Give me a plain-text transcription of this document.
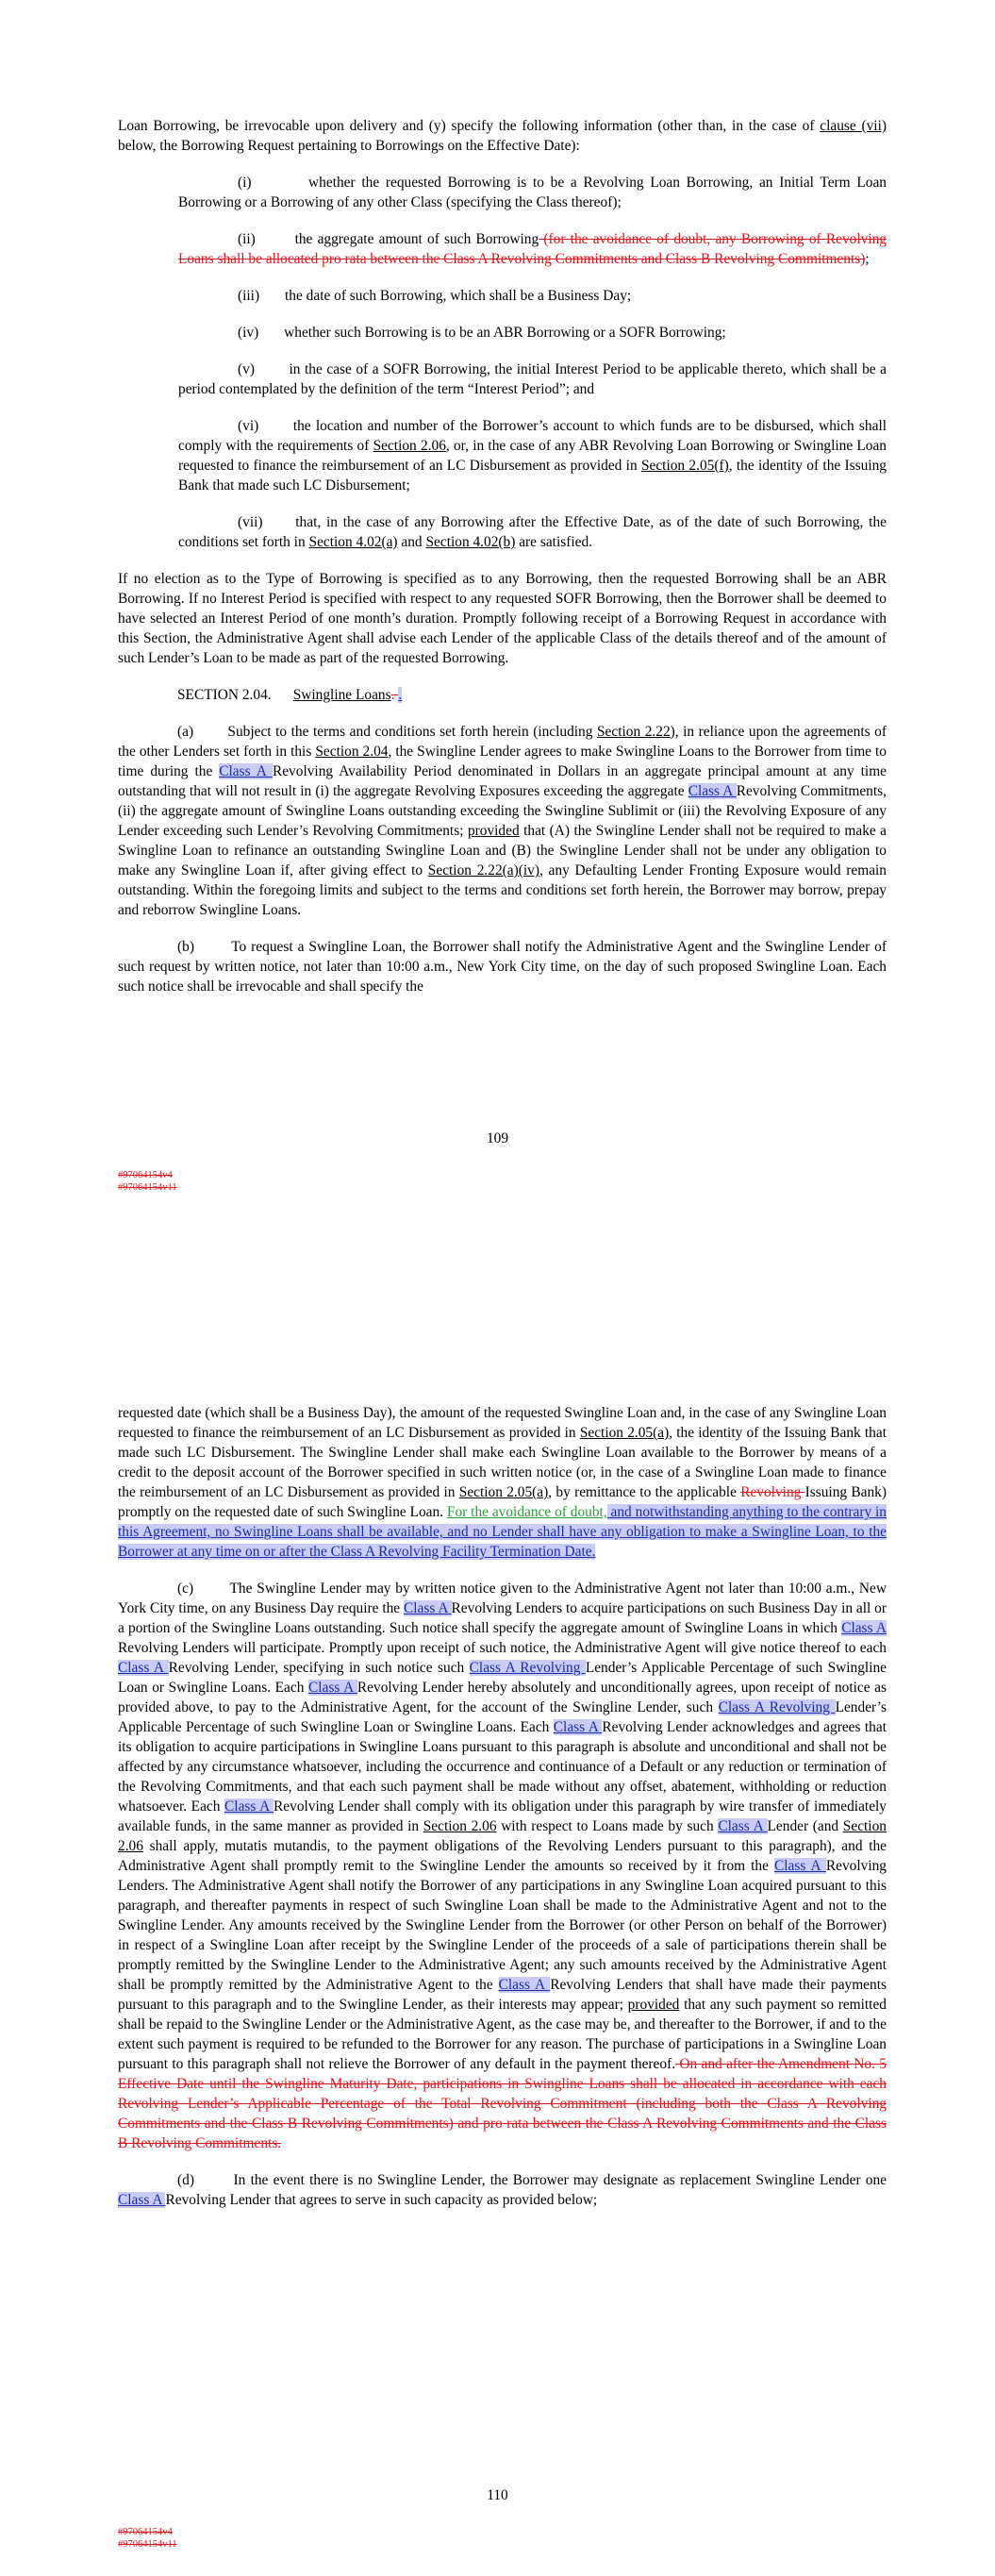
Loan Borrowing, be irrevocable upon delivery and (y) specify the following information (other than, in the case of clause (vii) below, the Borrowing Request pertaining to Borrowings on the Effective Date):

(i)         whether the requested Borrowing is to be a Revolving Loan Borrowing, an Initial Term Loan Borrowing or a Borrowing of any other Class (specifying the Class thereof);

(ii)        the aggregate amount of such Borrowing (for the avoidance of doubt, any Borrowing of Revolving Loans shall be allocated pro rata between the Class A Revolving Commitments and Class B Revolving Commitments);

(iii)       the date of such Borrowing, which shall be a Business Day;

(iv)       whether such Borrowing is to be an ABR Borrowing or a SOFR Borrowing;

(v)        in the case of a SOFR Borrowing, the initial Interest Period to be applicable thereto, which shall be a period contemplated by the definition of the term “Interest Period”; and

(vi)       the location and number of the Borrower’s account to which funds are to be disbursed, which shall comply with the requirements of Section 2.06, or, in the case of any ABR Revolving Loan Borrowing or Swingline Loan requested to finance the reimbursement of an LC Disbursement as provided in Section 2.05(f), the identity of the Issuing Bank that made such LC Disbursement;

(vii)      that, in the case of any Borrowing after the Effective Date, as of the date of such Borrowing, the conditions set forth in Section 4.02(a) and Section 4.02(b) are satisfied.

If no election as to the Type of Borrowing is specified as to any Borrowing, then the requested Borrowing shall be an ABR Borrowing. If no Interest Period is specified with respect to any requested SOFR Borrowing, then the Borrower shall be deemed to have selected an Interest Period of one month’s duration. Promptly following receipt of a Borrowing Request in accordance with this Section, the Administrative Agent shall advise each Lender of the applicable Class of the details thereof and of the amount of such Lender’s Loan to be made as part of the requested Borrowing.

SECTION 2.04. Swingline Loans. .

(a)        Subject to the terms and conditions set forth herein (including Section 2.22), in reliance upon the agreements of the other Lenders set forth in this Section 2.04, the Swingline Lender agrees to make Swingline Loans to the Borrower from time to time during the Class A Revolving Availability Period denominated in Dollars in an aggregate principal amount at any time outstanding that will not result in (i) the aggregate Revolving Exposures exceeding the aggregate Class A Revolving Commitments, (ii) the aggregate amount of Swingline Loans outstanding exceeding the Swingline Sublimit or (iii) the Revolving Exposure of any Lender exceeding such Lender’s Revolving Commitments; provided that (A) the Swingline Lender shall not be required to make a Swingline Loan to refinance an outstanding Swingline Loan and (B) the Swingline Lender shall not be under any obligation to make any Swingline Loan if, after giving effect to Section 2.22(a)(iv), any Defaulting Lender Fronting Exposure would remain outstanding. Within the foregoing limits and subject to the terms and conditions set forth herein, the Borrower may borrow, prepay and reborrow Swingline Loans.

(b)        To request a Swingline Loan, the Borrower shall notify the Administrative Agent and the Swingline Lender of such request by written notice, not later than 10:00 a.m., New York City time, on the day of such proposed Swingline Loan. Each such notice shall be irrevocable and shall specify the

109
#97064154v4
#97064154v11

requested date (which shall be a Business Day), the amount of the requested Swingline Loan and, in the case of any Swingline Loan requested to finance the reimbursement of an LC Disbursement as provided in Section 2.05(a), the identity of the Issuing Bank that made such LC Disbursement. The Swingline Lender shall make each Swingline Loan available to the Borrower by means of a credit to the deposit account of the Borrower specified in such written notice (or, in the case of a Swingline Loan made to finance the reimbursement of an LC Disbursement as provided in Section 2.05(a), by remittance to the applicable Revolving Issuing Bank) promptly on the requested date of such Swingline Loan. For the avoidance of doubt, and notwithstanding anything to the contrary in this Agreement, no Swingline Loans shall be available, and no Lender shall have any obligation to make a Swingline Loan, to the Borrower at any time on or after the Class A Revolving Facility Termination Date.

(c)        The Swingline Lender may by written notice given to the Administrative Agent not later than 10:00 a.m., New York City time, on any Business Day require the Class A Revolving Lenders to acquire participations on such Business Day in all or a portion of the Swingline Loans outstanding. Such notice shall specify the aggregate amount of Swingline Loans in which Class A Revolving Lenders will participate. Promptly upon receipt of such notice, the Administrative Agent will give notice thereof to each Class A Revolving Lender, specifying in such notice such Class A Revolving Lender’s Applicable Percentage of such Swingline Loan or Swingline Loans. Each Class A Revolving Lender hereby absolutely and unconditionally agrees, upon receipt of notice as provided above, to pay to the Administrative Agent, for the account of the Swingline Lender, such Class A Revolving Lender’s Applicable Percentage of such Swingline Loan or Swingline Loans. Each Class A Revolving Lender acknowledges and agrees that its obligation to acquire participations in Swingline Loans pursuant to this paragraph is absolute and unconditional and shall not be affected by any circumstance whatsoever, including the occurrence and continuance of a Default or any reduction or termination of the Revolving Commitments, and that each such payment shall be made without any offset, abatement, withholding or reduction whatsoever. Each Class A Revolving Lender shall comply with its obligation under this paragraph by wire transfer of immediately available funds, in the same manner as provided in Section 2.06 with respect to Loans made by such Class A Lender (and Section 2.06 shall apply, mutatis mutandis, to the payment obligations of the Revolving Lenders pursuant to this paragraph), and the Administrative Agent shall promptly remit to the Swingline Lender the amounts so received by it from the Class A Revolving Lenders. The Administrative Agent shall notify the Borrower of any participations in any Swingline Loan acquired pursuant to this paragraph, and thereafter payments in respect of such Swingline Loan shall be made to the Administrative Agent and not to the Swingline Lender. Any amounts received by the Swingline Lender from the Borrower (or other Person on behalf of the Borrower) in respect of a Swingline Loan after receipt by the Swingline Lender of the proceeds of a sale of participations therein shall be promptly remitted by the Swingline Lender to the Administrative Agent; any such amounts received by the Administrative Agent shall be promptly remitted by the Administrative Agent to the Class A Revolving Lenders that shall have made their payments pursuant to this paragraph and to the Swingline Lender, as their interests may appear; provided that any such payment so remitted shall be repaid to the Swingline Lender or the Administrative Agent, as the case may be, and thereafter to the Borrower, if and to the extent such payment is required to be refunded to the Borrower for any reason. The purchase of participations in a Swingline Loan pursuant to this paragraph shall not relieve the Borrower of any default in the payment thereof. On and after the Amendment No. 5 Effective Date until the Swingline Maturity Date, participations in Swingline Loans shall be allocated in accordance with each Revolving Lender’s Applicable Percentage of the Total Revolving Commitment (including both the Class A Revolving Commitments and the Class B Revolving Commitments) and pro rata between the Class A Revolving Commitments and the Class B Revolving Commitments.

(d)        In the event there is no Swingline Lender, the Borrower may designate as replacement Swingline Lender one Class A Revolving Lender that agrees to serve in such capacity as provided below;

110
#97064154v4
#97064154v11
